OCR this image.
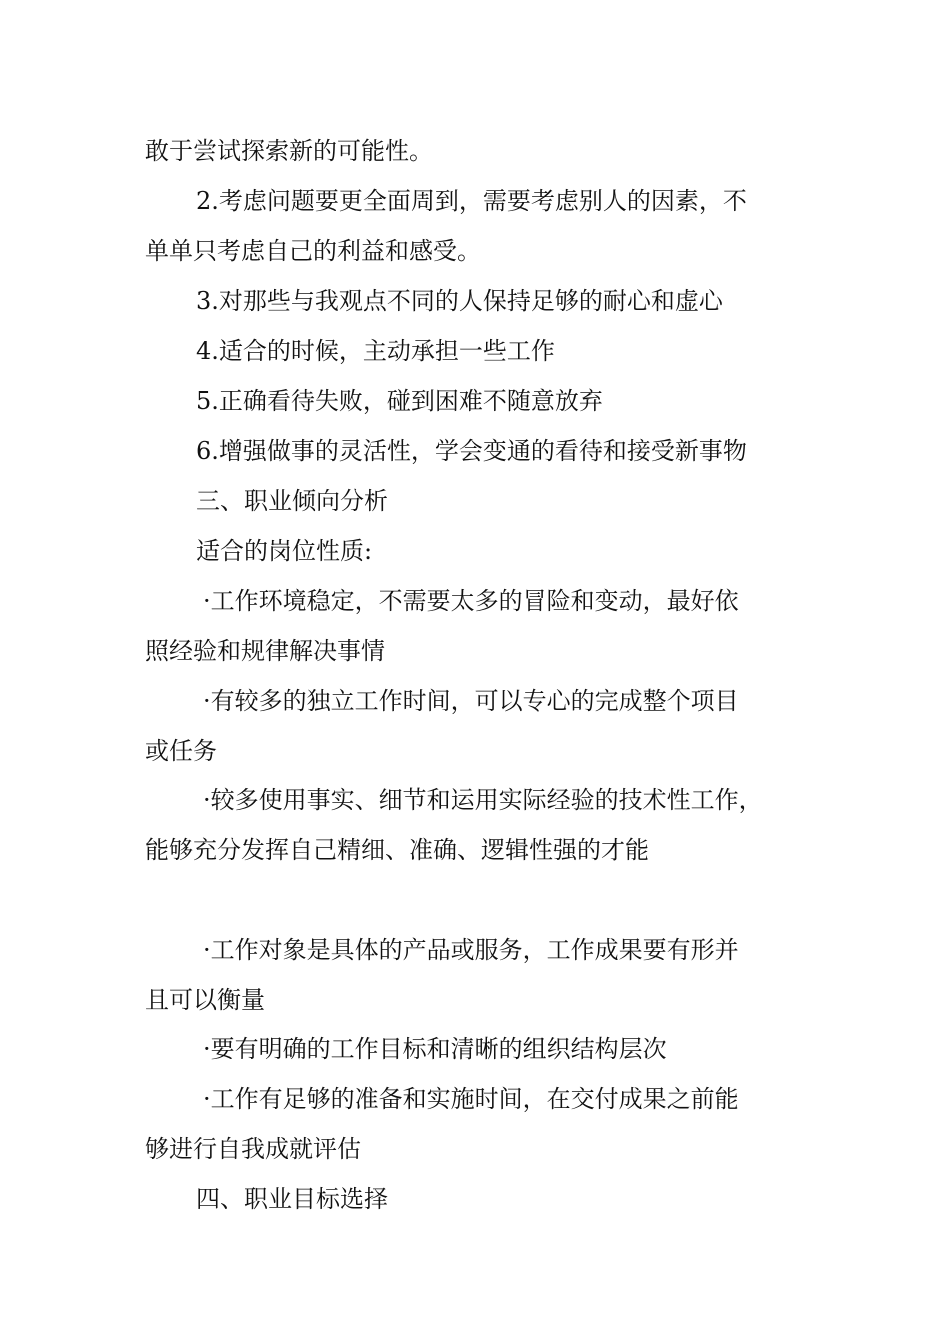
敢于尝试探索新的可能性。
2.考虑问题要更全面周到，需要考虑别人的因素，不
单单只考虑自己的利益和感受。
3.对那些与我观点不同的人保持足够的耐心和虚心
4.适合的时候，主动承担一些工作
5.正确看待失败，碰到困难不随意放弃
6.增强做事的灵活性，学会变通的看待和接受新事物
三、职业倾向分析
适合的岗位性质:
·工作环境稳定，不需要太多的冒险和变动，最好依
照经验和规律解决事情
·有较多的独立工作时间，可以专心的完成整个项目
或任务
·较多使用事实、细节和运用实际经验的技术性工作，
能够充分发挥自己精细、准确、逻辑性强的才能
·工作对象是具体的产品或服务，工作成果要有形并
且可以衡量
·要有明确的工作目标和清晰的组织结构层次
·工作有足够的准备和实施时间，在交付成果之前能
够进行自我成就评估
四、职业目标选择
